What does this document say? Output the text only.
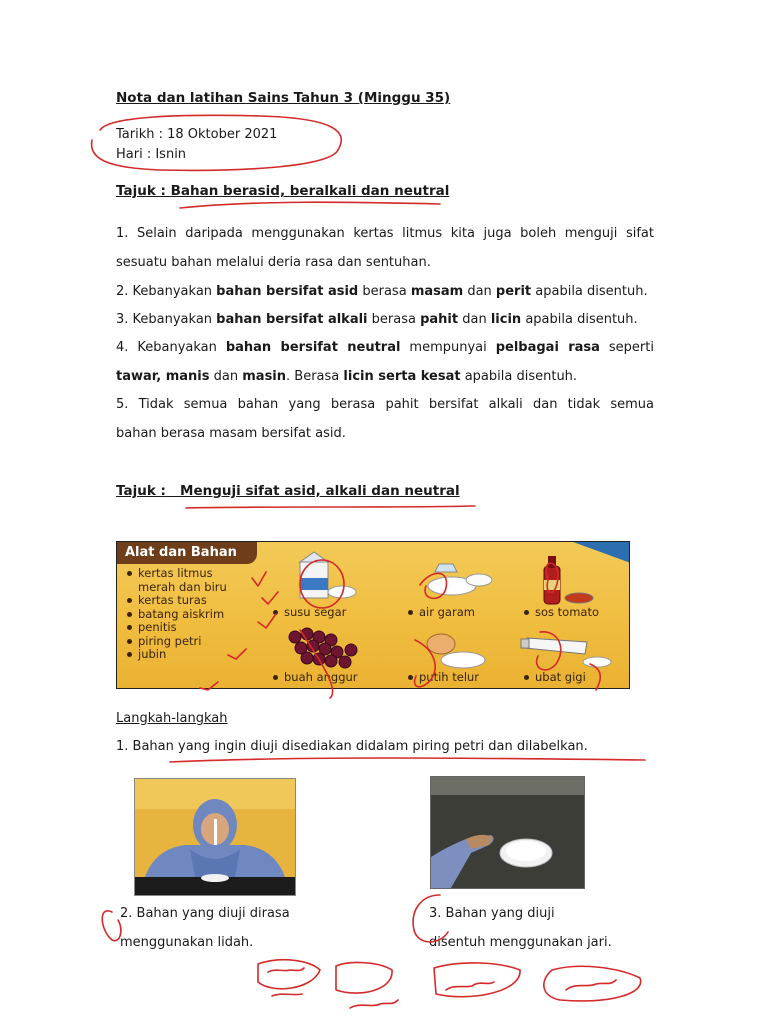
Nota dan latihan Sains Tahun 3 (Minggu 35)
Tarikh : 18 Oktober 2021
Hari : Isnin
Tajuk : Bahan berasid, beralkali dan neutral
1. Selain daripada menggunakan kertas litmus kita juga boleh menguji sifat
sesuatu bahan melalui deria rasa dan sentuhan.
2. Kebanyakan bahan bersifat asid berasa masam dan perit apabila disentuh.
3. Kebanyakan bahan bersifat alkali berasa pahit dan licin apabila disentuh.
4. Kebanyakan bahan bersifat neutral mempunyai pelbagai rasa seperti
tawar, manis dan masin. Berasa licin serta kesat apabila disentuh.
5. Tidak semua bahan yang berasa pahit bersifat alkali dan tidak semua
bahan berasa masam bersifat asid.
Tajuk : Menguji sifat asid, alkali dan neutral
Alat dan Bahan
kertas litmus
merah dan biru
kertas turas
batang aiskrim
penitis
piring petri
jubin
susu segar	air garam	sos tomato
buah anggur	putih telur	ubat gigi
Langkah-langkah
1. Bahan yang ingin diuji disediakan didalam piring petri dan dilabelkan.
2. Bahan yang diuji dirasa
menggunakan lidah.
3. Bahan yang diuji
disentuh menggunakan jari.
